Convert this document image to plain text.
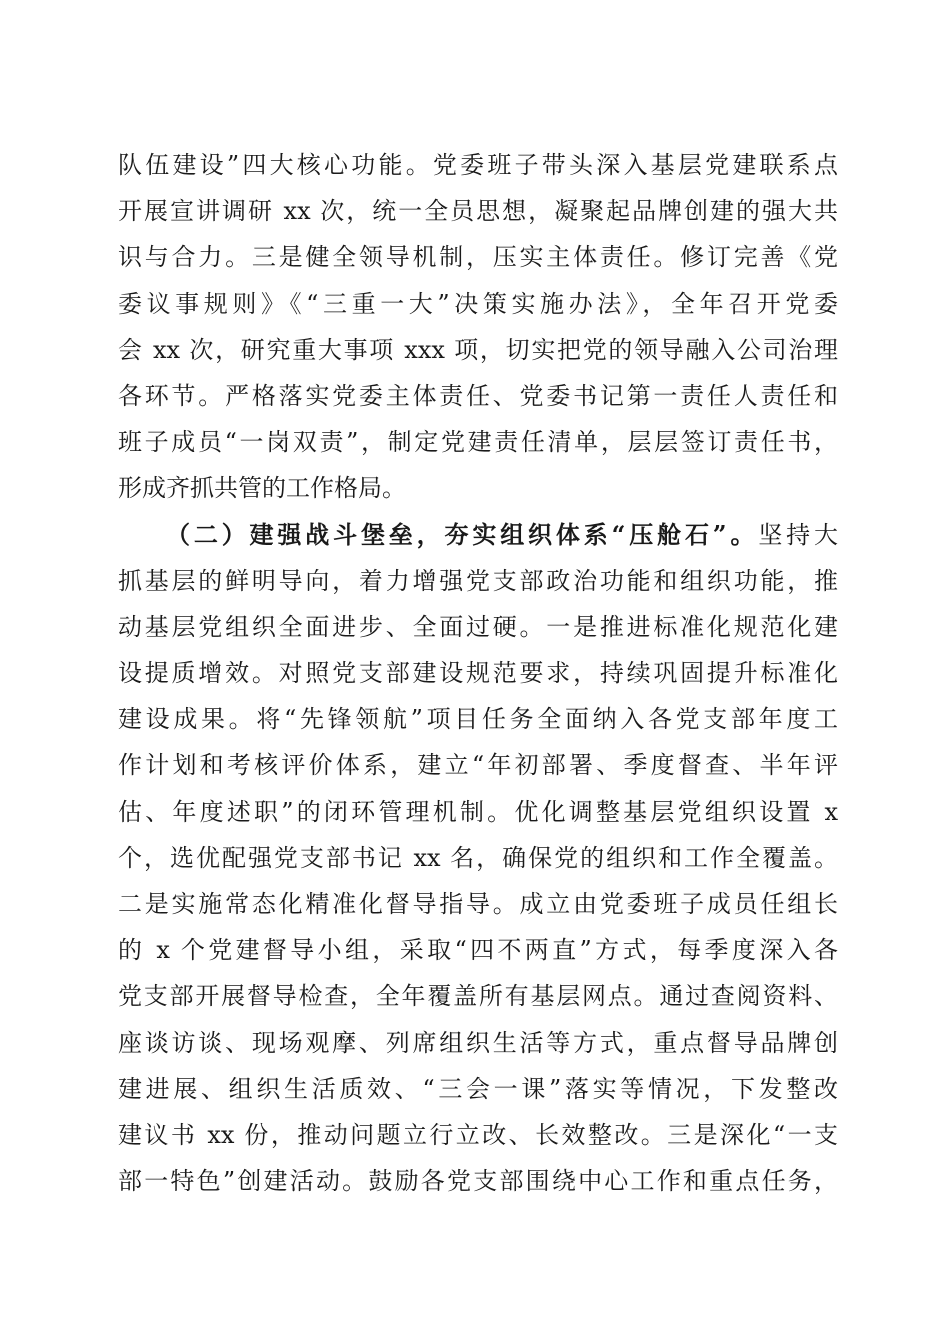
队伍建设”四大核心功能。党委班子带头深入基层党建联系点
开展宣讲调研 xx 次，统一全员思想，凝聚起品牌创建的强大共
识与合力。三是健全领导机制，压实主体责任。修订完善《党
委议事规则》《“三重一大”决策实施办法》，全年召开党委
会 xx 次，研究重大事项 xxx 项，切实把党的领导融入公司治理
各环节。严格落实党委主体责任、党委书记第一责任人责任和
班子成员“一岗双责”，制定党建责任清单，层层签订责任书，
形成齐抓共管的工作格局。
（二）建强战斗堡垒，夯实组织体系“压舱石”。坚持大
抓基层的鲜明导向，着力增强党支部政治功能和组织功能，推
动基层党组织全面进步、全面过硬。一是推进标准化规范化建
设提质增效。对照党支部建设规范要求，持续巩固提升标准化
建设成果。将“先锋领航”项目任务全面纳入各党支部年度工
作计划和考核评价体系，建立“年初部署、季度督查、半年评
估、年度述职”的闭环管理机制。优化调整基层党组织设置 x
个，选优配强党支部书记 xx 名，确保党的组织和工作全覆盖。
二是实施常态化精准化督导指导。成立由党委班子成员任组长
的 x 个党建督导小组，采取“四不两直”方式，每季度深入各
党支部开展督导检查，全年覆盖所有基层网点。通过查阅资料、
座谈访谈、现场观摩、列席组织生活等方式，重点督导品牌创
建进展、组织生活质效、“三会一课”落实等情况，下发整改
建议书 xx 份，推动问题立行立改、长效整改。三是深化“一支
部一特色”创建活动。鼓励各党支部围绕中心工作和重点任务，
